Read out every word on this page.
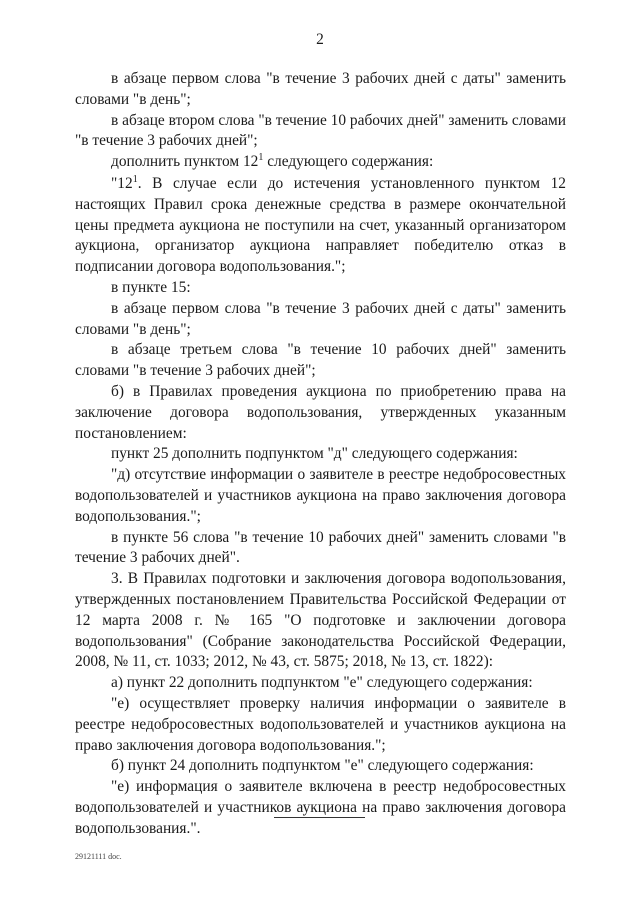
2

в абзаце первом слова "в течение 3 рабочих дней с даты" заменить словами "в день";

в абзаце втором слова "в течение 10 рабочих дней" заменить словами "в течение 3 рабочих дней";

дополнить пунктом $12^1$ следующего содержания:

"$12^1$. В случае если до истечения установленного пунктом 12 настоящих Правил срока денежные средства в размере окончательной цены предмета аукциона не поступили на счет, указанный организатором аукциона, организатор аукциона направляет победителю отказ в подписании договора водопользования.";

в пункте 15:

в абзаце первом слова "в течение 3 рабочих дней с даты" заменить словами "в день";

в абзаце третьем слова "в течение 10 рабочих дней" заменить словами "в течение 3 рабочих дней";

б) в Правилах проведения аукциона по приобретению права на заключение договора водопользования, утвержденных указанным постановлением:

пункт 25 дополнить подпунктом "д" следующего содержания:

"д) отсутствие информации о заявителе в реестре недобросовестных водопользователей и участников аукциона на право заключения договора водопользования.";

в пункте 56 слова "в течение 10 рабочих дней" заменить словами "в течение 3 рабочих дней".

3. В Правилах подготовки и заключения договора водопользования, утвержденных постановлением Правительства Российской Федерации от 12 марта 2008 г. № 165 "О подготовке и заключении договора водопользования" (Собрание законодательства Российской Федерации, 2008, № 11, ст. 1033; 2012, № 43, ст. 5875; 2018, № 13, ст. 1822):

а) пункт 22 дополнить подпунктом "е" следующего содержания:

"е) осуществляет проверку наличия информации о заявителе в реестре недобросовестных водопользователей и участников аукциона на право заключения договора водопользования.";

б) пункт 24 дополнить подпунктом "е" следующего содержания:

"е) информация о заявителе включена в реестр недобросовестных водопользователей и участников аукциона на право заключения договора водопользования.".

29121111 doc.
